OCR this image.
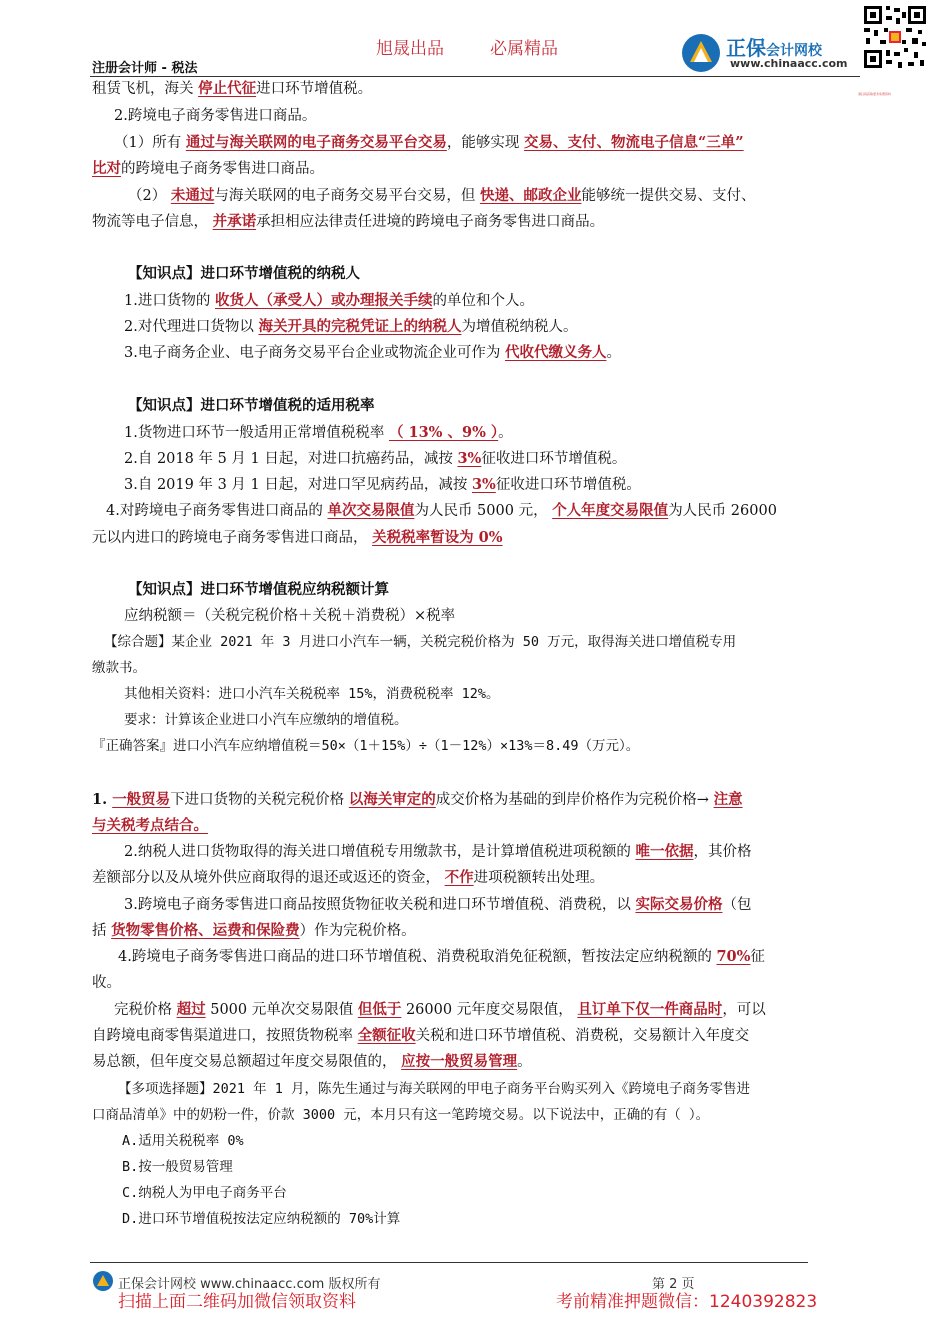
旭晟出品	必属精品
注册会计师 - 税法
正保会计网校
www.chinaacc.com
请扫码获取更多免费资料
租赁飞机，海关 停止代征进口环节增值税。
2.跨境电子商务零售进口商品。
（1）所有 通过与海关联网的电子商务交易平台交易，能够实现 交易、支付、物流电子信息“三单”
比对的跨境电子商务零售进口商品。
（2） 未通过与海关联网的电子商务交易平台交易，但 快递、邮政企业能够统一提供交易、支付、
物流等电子信息， 并承诺承担相应法律责任进境的跨境电子商务零售进口商品。
【知识点】进口环节增值税的纳税人
1.进口货物的 收货人（承受人）或办理报关手续的单位和个人。
2.对代理进口货物以 海关开具的完税凭证上的纳税人为增值税纳税人。
3.电子商务企业、电子商务交易平台企业或物流企业可作为 代收代缴义务人。
【知识点】进口环节增值税的适用税率
1.货物进口环节一般适用正常增值税税率 （ 13% 、9% ）。
2.自 2018 年 5 月 1 日起，对进口抗癌药品，减按 3%征收进口环节增值税。
3.自 2019 年 3 月 1 日起，对进口罕见病药品，减按 3%征收进口环节增值税。
4.对跨境电子商务零售进口商品的 单次交易限值为人民币 5000 元， 个人年度交易限值为人民币 26000
元以内进口的跨境电子商务零售进口商品， 关税税率暂设为 0%
【知识点】进口环节增值税应纳税额计算
应纳税额＝（关税完税价格＋关税＋消费税）×税率
【综合题】某企业 2021 年 3 月进口小汽车一辆，关税完税价格为 50 万元，取得海关进口增值税专用
缴款书。
其他相关资料：进口小汽车关税税率 15%，消费税税率 12%。
要求：计算该企业进口小汽车应缴纳的增值税。
『正确答案』进口小汽车应纳增值税＝50×（1＋15%）÷（1－12%）×13%＝8.49（万元）。
1. 一般贸易下进口货物的关税完税价格 以海关审定的成交价格为基础的到岸价格作为完税价格→ 注意
与关税考点结合。
2.纳税人进口货物取得的海关进口增值税专用缴款书，是计算增值税进项税额的 唯一依据，其价格
差额部分以及从境外供应商取得的退还或返还的资金， 不作进项税额转出处理。
3.跨境电子商务零售进口商品按照货物征收关税和进口环节增值税、消费税，以 实际交易价格（包
括 货物零售价格、运费和保险费）作为完税价格。
4.跨境电子商务零售进口商品的进口环节增值税、消费税取消免征税额，暂按法定应纳税额的 70%征
收。
完税价格 超过 5000 元单次交易限值 但低于 26000 元年度交易限值， 且订单下仅一件商品时，可以
自跨境电商零售渠道进口，按照货物税率 全额征收关税和进口环节增值税、消费税，交易额计入年度交
易总额，但年度交易总额超过年度交易限值的， 应按一般贸易管理。
【多项选择题】2021 年 1 月，陈先生通过与海关联网的甲电子商务平台购买列入《跨境电子商务零售进
口商品清单》中的奶粉一件，价款 3000 元，本月只有这一笔跨境交易。以下说法中，正确的有（ ）。
A.适用关税税率 0%
B.按一般贸易管理
C.纳税人为甲电子商务平台
D.进口环节增值税按法定应纳税额的 70%计算
正保会计网校 www.chinaacc.com 版权所有	第 2 页
扫描上面二维码加微信领取资料	考前精准押题微信：1240392823
